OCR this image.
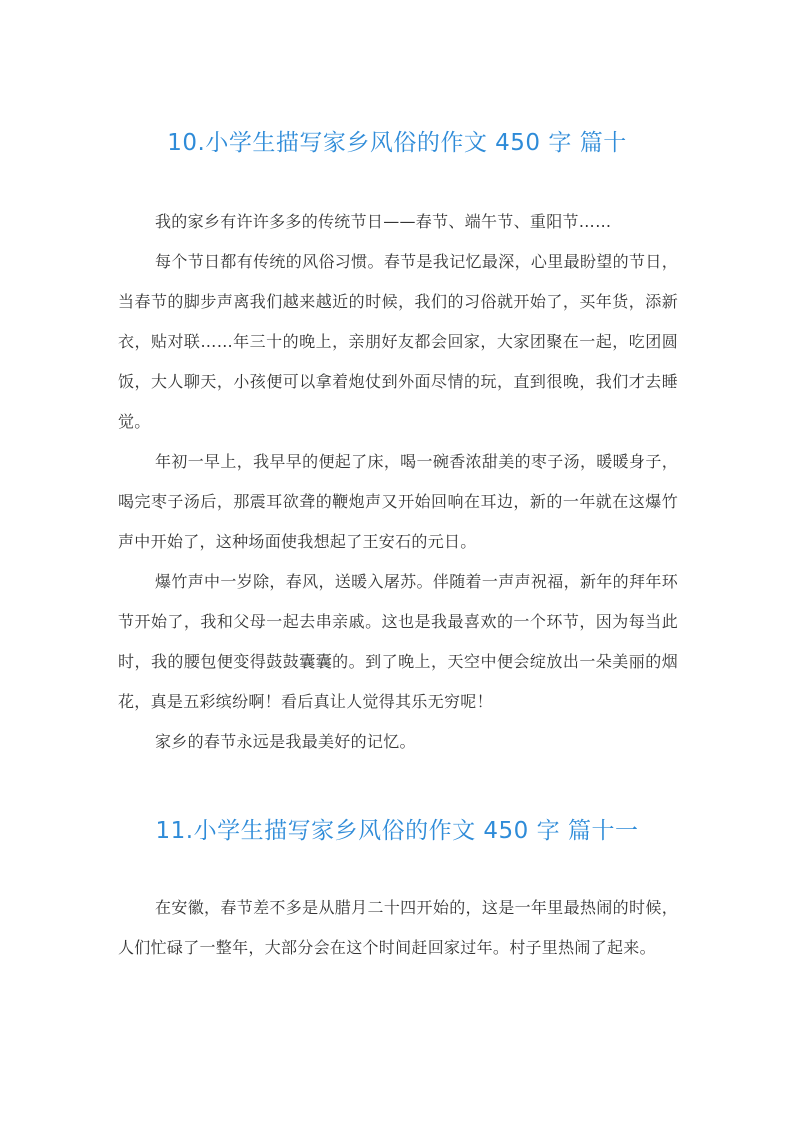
10.小学生描写家乡风俗的作文 450 字 篇十

我的家乡有许许多多的传统节日——春节、端午节、重阳节……

每个节日都有传统的风俗习惯。春节是我记忆最深，心里最盼望的节日，当春节的脚步声离我们越来越近的时候，我们的习俗就开始了，买年货，添新衣，贴对联……年三十的晚上，亲朋好友都会回家，大家团聚在一起，吃团圆饭，大人聊天，小孩便可以拿着炮仗到外面尽情的玩，直到很晚，我们才去睡觉。

年初一早上，我早早的便起了床，喝一碗香浓甜美的枣子汤，暖暖身子，喝完枣子汤后，那震耳欲聋的鞭炮声又开始回响在耳边，新的一年就在这爆竹声中开始了，这种场面使我想起了王安石的元日。

爆竹声中一岁除，春风，送暖入屠苏。伴随着一声声祝福，新年的拜年环节开始了，我和父母一起去串亲戚。这也是我最喜欢的一个环节，因为每当此时，我的腰包便变得鼓鼓囊囊的。到了晚上，天空中便会绽放出一朵美丽的烟花，真是五彩缤纷啊！看后真让人觉得其乐无穷呢！

家乡的春节永远是我最美好的记忆。

11.小学生描写家乡风俗的作文 450 字 篇十一

在安徽，春节差不多是从腊月二十四开始的，这是一年里最热闹的时候，人们忙碌了一整年，大部分会在这个时间赶回家过年。村子里热闹了起来。
